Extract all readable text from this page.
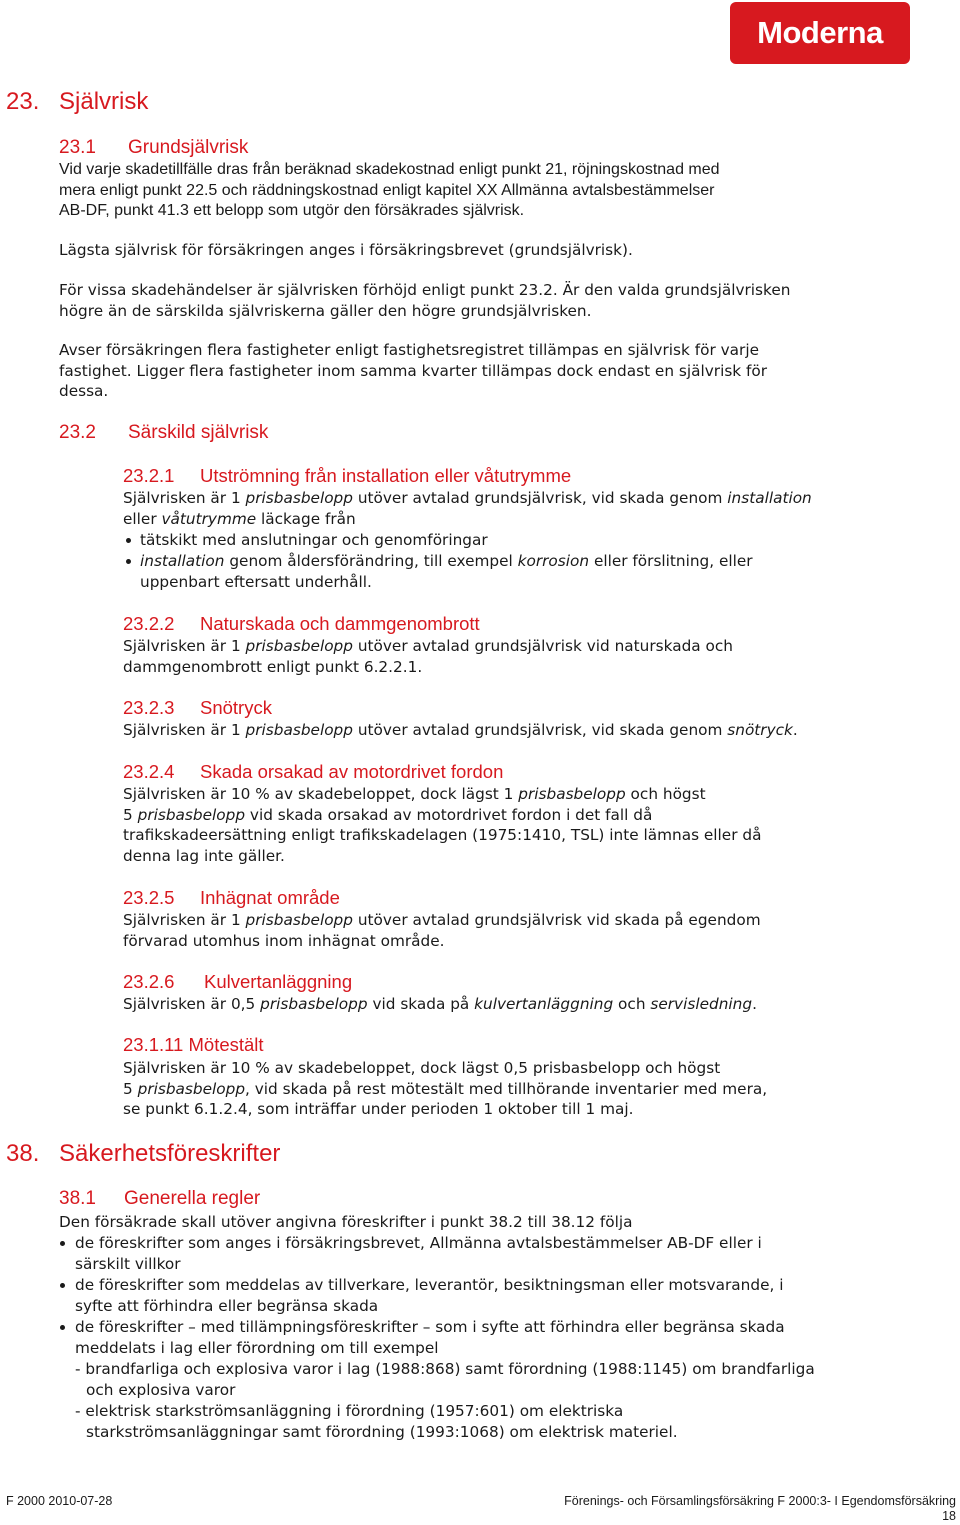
Moderna
23. Självrisk
23.1 Grundsjälvrisk
Vid varje skadetillfälle dras från beräknad skadekostnad enligt punkt 21, röjningskostnad med
mera enligt punkt 22.5 och räddningskostnad enligt kapitel XX Allmänna avtalsbestämmelser
AB-DF, punkt 41.3 ett belopp som utgör den försäkrades självrisk.
Lägsta självrisk för försäkringen anges i försäkringsbrevet (grundsjälvrisk).
För vissa skadehändelser är självrisken förhöjd enligt punkt 23.2. Är den valda grundsjälvrisken
högre än de särskilda självriskerna gäller den högre grundsjälvrisken.
Avser försäkringen flera fastigheter enligt fastighetsregistret tillämpas en självrisk för varje
fastighet. Ligger flera fastigheter inom samma kvarter tillämpas dock endast en självrisk för
dessa.
23.2 Särskild självrisk
23.2.1 Utströmning från installation eller våtutrymme
Självrisken är 1 prisbasbelopp utöver avtalad grundsjälvrisk, vid skada genom installation
eller våtutrymme läckage från
tätskikt med anslutningar och genomföringar
installation genom åldersförändring, till exempel korrosion eller förslitning, eller
uppenbart eftersatt underhåll.
23.2.2 Naturskada och dammgenombrott
Självrisken är 1 prisbasbelopp utöver avtalad grundsjälvrisk vid naturskada och
dammgenombrott enligt punkt 6.2.2.1.
23.2.3 Snötryck
Självrisken är 1 prisbasbelopp utöver avtalad grundsjälvrisk, vid skada genom snötryck.
23.2.4 Skada orsakad av motordrivet fordon
Självrisken är 10 % av skadebeloppet, dock lägst 1 prisbasbelopp och högst
5 prisbasbelopp vid skada orsakad av motordrivet fordon i det fall då
trafikskadeersättning enligt trafikskadelagen (1975:1410, TSL) inte lämnas eller då
denna lag inte gäller.
23.2.5 Inhägnat område
Självrisken är 1 prisbasbelopp utöver avtalad grundsjälvrisk vid skada på egendom
förvarad utomhus inom inhägnat område.
23.2.6 Kulvertanläggning
Självrisken är 0,5 prisbasbelopp vid skada på kulvertanläggning och servisledning.
23.1.11 Mötestält
Självrisken är 10 % av skadebeloppet, dock lägst 0,5 prisbasbelopp och högst
5 prisbasbelopp, vid skada på rest mötestält med tillhörande inventarier med mera,
se punkt 6.1.2.4, som inträffar under perioden 1 oktober till 1 maj.
38. Säkerhetsföreskrifter
38.1 Generella regler
Den försäkrade skall utöver angivna föreskrifter i punkt 38.2 till 38.12 följa
de föreskrifter som anges i försäkringsbrevet, Allmänna avtalsbestämmelser AB-DF eller i
särskilt villkor
de föreskrifter som meddelas av tillverkare, leverantör, besiktningsman eller motsvarande, i
syfte att förhindra eller begränsa skada
de föreskrifter – med tillämpningsföreskrifter – som i syfte att förhindra eller begränsa skada
meddelats i lag eller förordning om till exempel
- brandfarliga och explosiva varor i lag (1988:868) samt förordning (1988:1145) om brandfarliga
och explosiva varor
- elektrisk starkströmsanläggning i förordning (1957:601) om elektriska
starkströmsanläggningar samt förordning (1993:1068) om elektrisk materiel.
F 2000 2010-07-28	Förenings- och Församlingsförsäkring F 2000:3- I Egendomsförsäkring
18
